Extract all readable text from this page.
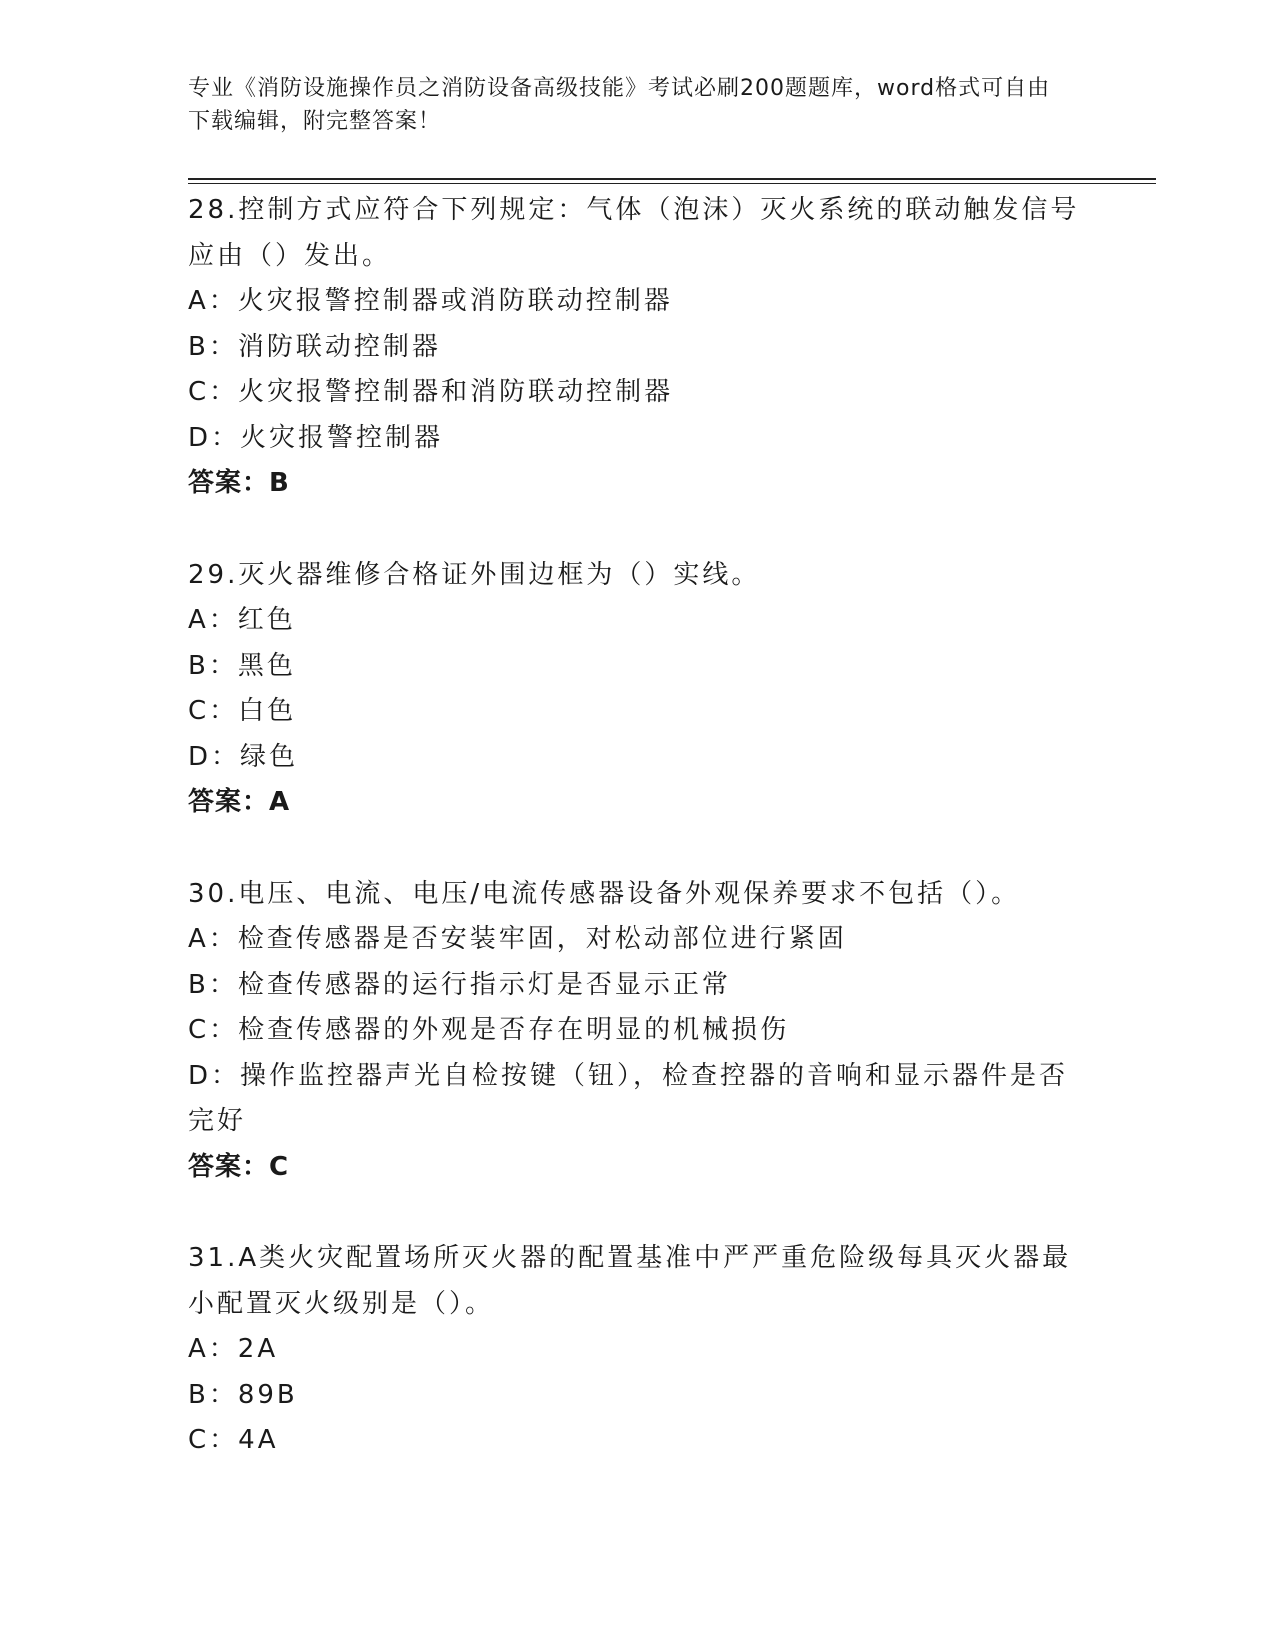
专业《消防设施操作员之消防设备高级技能》考试必刷200题题库，word格式可自由下载编辑，附完整答案！

28.控制方式应符合下列规定：气体（泡沫）灭火系统的联动触发信号应由（）发出。

A：火灾报警控制器或消防联动控制器

B：消防联动控制器

C：火灾报警控制器和消防联动控制器

D：火灾报警控制器

答案：B

29.灭火器维修合格证外围边框为（）实线。

A：红色

B：黑色

C：白色

D：绿色

答案：A

30.电压、电流、电压/电流传感器设备外观保养要求不包括（）。

A：检查传感器是否安装牢固，对松动部位进行紧固

B：检查传感器的运行指示灯是否显示正常

C：检查传感器的外观是否存在明显的机械损伤

D：操作监控器声光自检按键（钮），检查控器的音响和显示器件是否完好

答案：C

31.A类火灾配置场所灭火器的配置基准中严严重危险级每具灭火器最小配置灭火级别是（）。

A：2A

B：89B

C：4A
